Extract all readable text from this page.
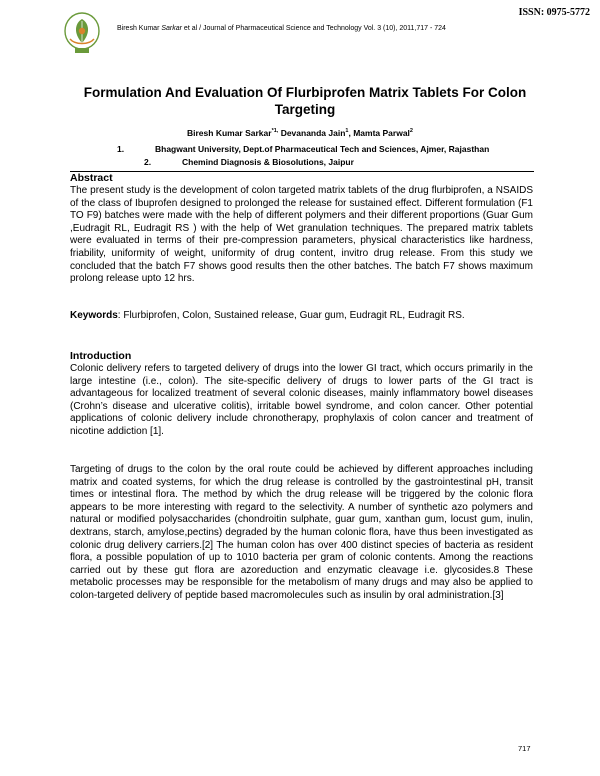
ISSN: 0975-5772
Biresh Kumar Sarkar et al / Journal of Pharmaceutical Science and Technology Vol. 3 (10), 2011,717 - 724
Formulation And Evaluation Of Flurbiprofen Matrix Tablets For Colon Targeting
Biresh Kumar Sarkar$^{*1,}$ Devananda Jain$^1$, Mamta Parwal$^2$
1.	Bhagwant University, Dept.of Pharmaceutical Tech and Sciences, Ajmer, Rajasthan
2.	Chemind Diagnosis & Biosolutions, Jaipur
Abstract

The present study is the development of colon targeted matrix tablets of the drug flurbiprofen, a NSAIDS of the class of Ibuprofen designed to prolonged the release for sustained effect. Different formulation (F1 TO F9) batches were made with the help of different polymers and their different proportions (Guar Gum ,Eudragit RL, Eudragit RS ) with the help of Wet granulation techniques. The prepared matrix tablets were evaluated in terms of their pre-compression parameters, physical characteristics like hardness, friability, uniformity of weight, uniformity of drug content, invitro drug release. From this study we concluded that the batch F7 shows good results then the other batches. The batch F7 shows maximum prolong release upto 12 hrs.

Keywords: Flurbiprofen, Colon, Sustained release, Guar gum, Eudragit RL, Eudragit RS.

Introduction

Colonic delivery refers to targeted delivery of drugs into the lower GI tract, which occurs primarily in the large intestine (i.e., colon). The site-specific delivery of drugs to lower parts of the GI tract is advantageous for localized treatment of several colonic diseases, mainly inflammatory bowel diseases (Crohn’s disease and ulcerative colitis), irritable bowel syndrome, and colon cancer. Other potential applications of colonic delivery include chronotherapy, prophylaxis of colon cancer and treatment of nicotine addiction [1].

Targeting of drugs to the colon by the oral route could be achieved by different approaches including matrix and coated systems, for which the drug release is controlled by the gastrointestinal pH, transit times or intestinal flora. The method by which the drug release will be triggered by the colonic flora appears to be more interesting with regard to the selectivity. A number of synthetic azo polymers and natural or modified polysaccharides (chondroitin sulphate, guar gum, xanthan gum, locust gum, inulin, dextrans, starch, amylose,pectins) degraded by the human colonic flora, have thus been investigated as colonic drug delivery carriers.[2] The human colon has over 400 distinct species of bacteria as resident flora, a possible population of up to 1010 bacteria per gram of colonic contents. Among the reactions carried out by these gut flora are azoreduction and enzymatic cleavage i.e. glycosides.8 These metabolic processes may be responsible for the metabolism of many drugs and may also be applied to colon-targeted delivery of peptide based macromolecules such as insulin by oral administration.[3]

717
